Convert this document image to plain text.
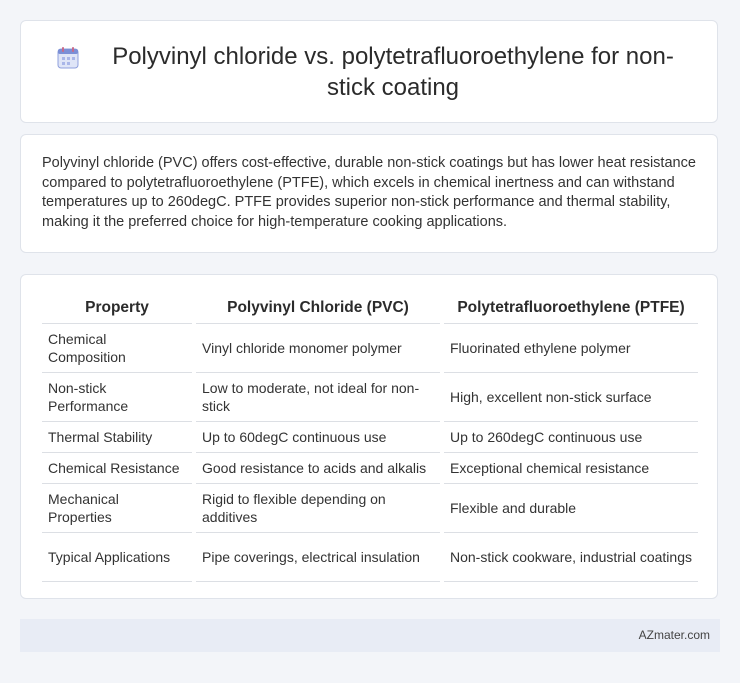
Polyvinyl chloride vs. polytetrafluoroethylene for non-stick coating

Polyvinyl chloride (PVC) offers cost-effective, durable non-stick coatings but has lower heat resistance compared to polytetrafluoroethylene (PTFE), which excels in chemical inertness and can withstand temperatures up to 260degC. PTFE provides superior non-stick performance and thermal stability, making it the preferred choice for high-temperature cooking applications.

Property	Polyvinyl Chloride (PVC)	Polytetrafluoroethylene (PTFE)
Chemical Composition	Vinyl chloride monomer polymer	Fluorinated ethylene polymer
Non-stick Performance	Low to moderate, not ideal for non-stick	High, excellent non-stick surface
Thermal Stability	Up to 60degC continuous use	Up to 260degC continuous use
Chemical Resistance	Good resistance to acids and alkalis	Exceptional chemical resistance
Mechanical Properties	Rigid to flexible depending on additives	Flexible and durable
Typical Applications	Pipe coverings, electrical insulation	Non-stick cookware, industrial coatings
AZmater.com
